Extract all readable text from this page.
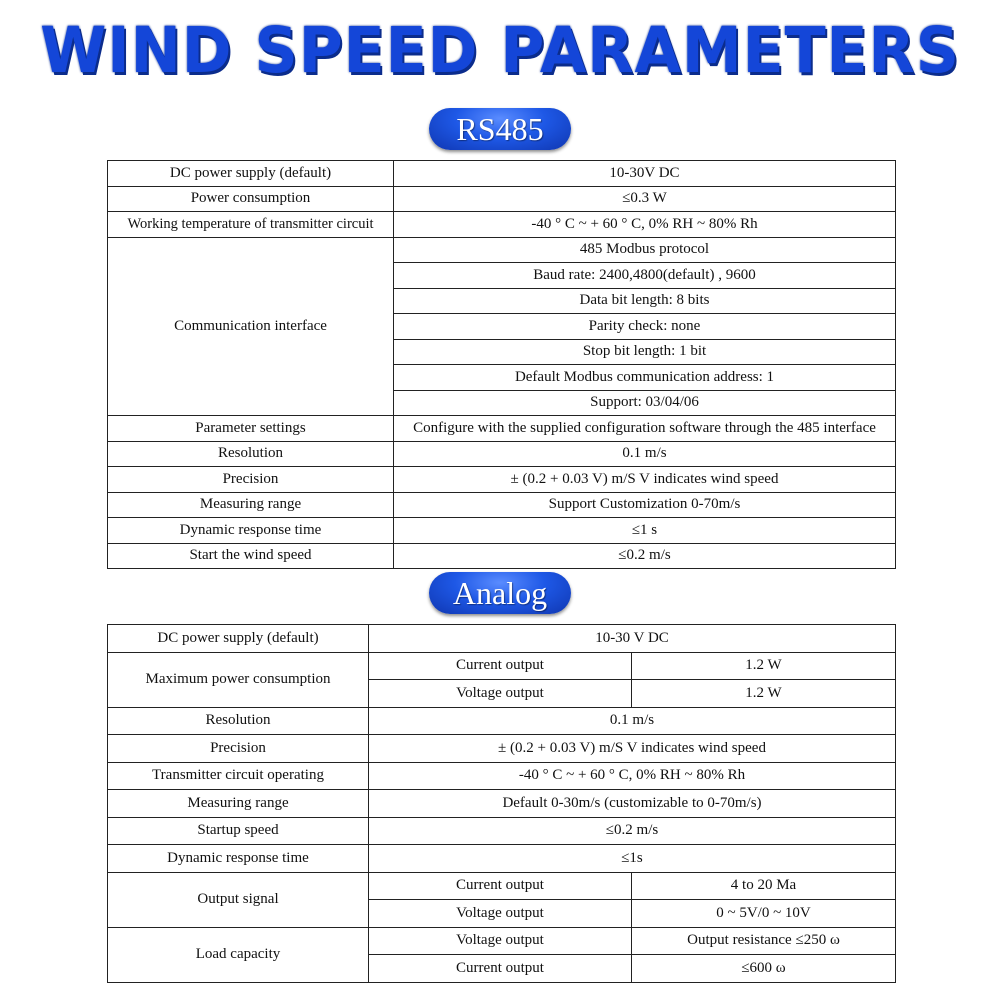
WIND SPEED PARAMETERS
RS485
DC power supply (default)	10-30V DC
Power consumption	≤0.3 W
Working temperature of transmitter circuit	-40 ° C ~ + 60 ° C, 0% RH ~ 80% Rh
Communication interface	485 Modbus protocol
	Baud rate: 2400,4800(default) , 9600
	Data bit length: 8 bits
	Parity check: none
	Stop bit length: 1 bit
	Default Modbus communication address: 1
	Support: 03/04/06
Parameter settings	Configure with the supplied configuration software through the 485 interface
Resolution	0.1 m/s
Precision	± (0.2 + 0.03 V) m/S V indicates wind speed
Measuring range	Support Customization 0-70m/s
Dynamic response time	≤1 s
Start the wind speed	≤0.2 m/s
Analog
DC power supply (default)	10-30 V DC	
Maximum power consumption	Current output	1.2 W
	Voltage output	1.2 W
Resolution	0.1 m/s	
Precision	± (0.2 + 0.03 V) m/S V indicates wind speed	
Transmitter circuit operating	-40 ° C ~ + 60 ° C, 0% RH ~ 80% Rh	
Measuring range	Default 0-30m/s (customizable to 0-70m/s)	
Startup speed	≤0.2 m/s	
Dynamic response time	≤1s	
Output signal	Current output	4 to 20 Ma
	Voltage output	0 ~ 5V/0 ~ 10V
Load capacity	Voltage output	Output resistance ≤250 ω
	Current output	≤600 ω
